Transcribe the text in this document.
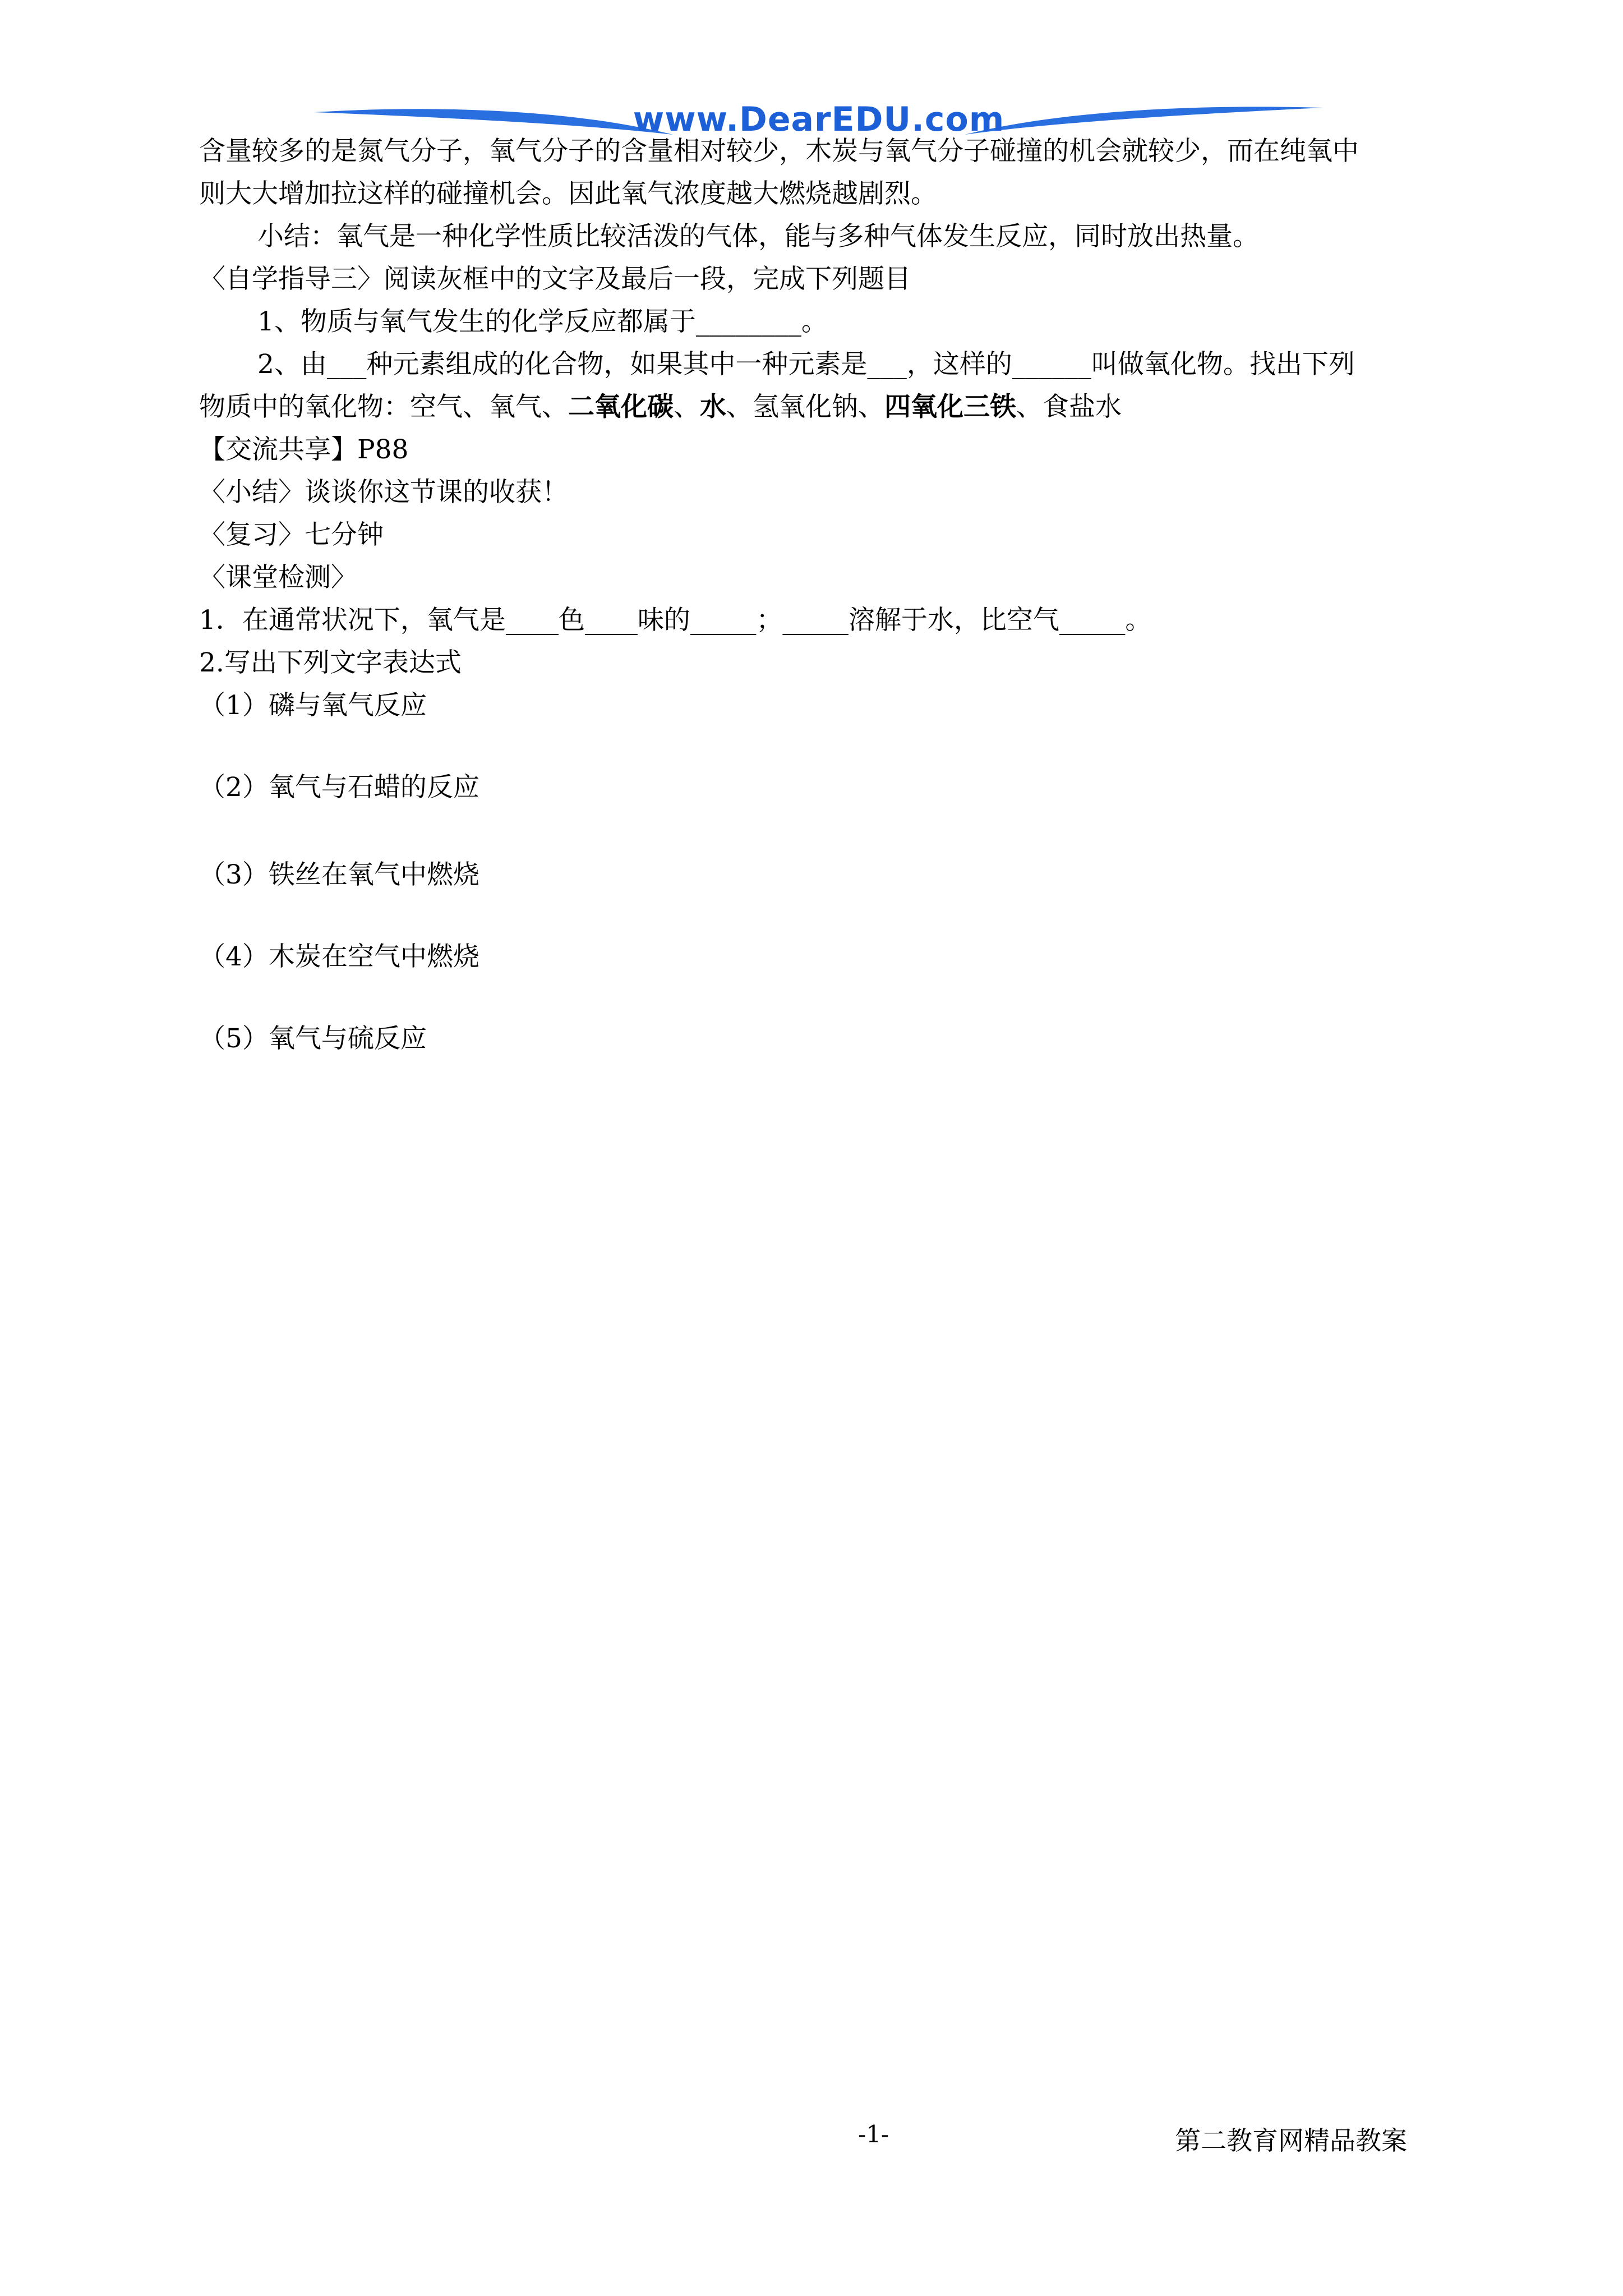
www.DearEDU.com

含量较多的是氮气分子，氧气分子的含量相对较少，木炭与氧气分子碰撞的机会就较少，而在纯氧中

则大大增加拉这样的碰撞机会。因此氧气浓度越大燃烧越剧烈。

小结：氧气是一种化学性质比较活泼的气体，能与多种气体发生反应，同时放出热量。

〈自学指导三〉阅读灰框中的文字及最后一段，完成下列题目

1、物质与氧气发生的化学反应都属于________。

2、由___种元素组成的化合物，如果其中一种元素是___，这样的______叫做氧化物。找出下列

物质中的氧化物：空气、氧气、二氧化碳、水、氢氧化钠、四氧化三铁、食盐水

【交流共享】P88

〈小结〉谈谈你这节课的收获！

〈复习〉七分钟

〈课堂检测〉

1．在通常状况下，氧气是____色____味的_____；_____溶解于水，比空气_____。

2.写出下列文字表达式

（1）磷与氧气反应

（2）氧气与石蜡的反应

（3）铁丝在氧气中燃烧

（4）木炭在空气中燃烧

（5）氧气与硫反应

-1-	第二教育网精品教案
